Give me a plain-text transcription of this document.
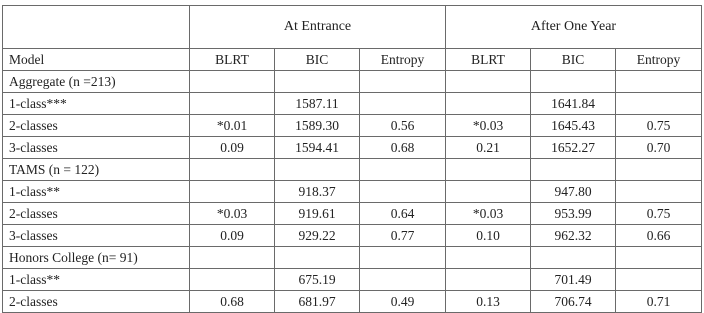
	At Entrance			After One Year		
Model	BLRT	BIC	Entropy	BLRT	BIC	Entropy
Aggregate (n =213)						
1-class***		1587.11			1641.84	
2-classes	*0.01	1589.30	0.56	*0.03	1645.43	0.75
3-classes	0.09	1594.41	0.68	0.21	1652.27	0.70
TAMS (n = 122)						
1-class**		918.37			947.80	
2-classes	*0.03	919.61	0.64	*0.03	953.99	0.75
3-classes	0.09	929.22	0.77	0.10	962.32	0.66
Honors College (n= 91)						
1-class**		675.19			701.49	
2-classes	0.68	681.97	0.49	0.13	706.74	0.71
